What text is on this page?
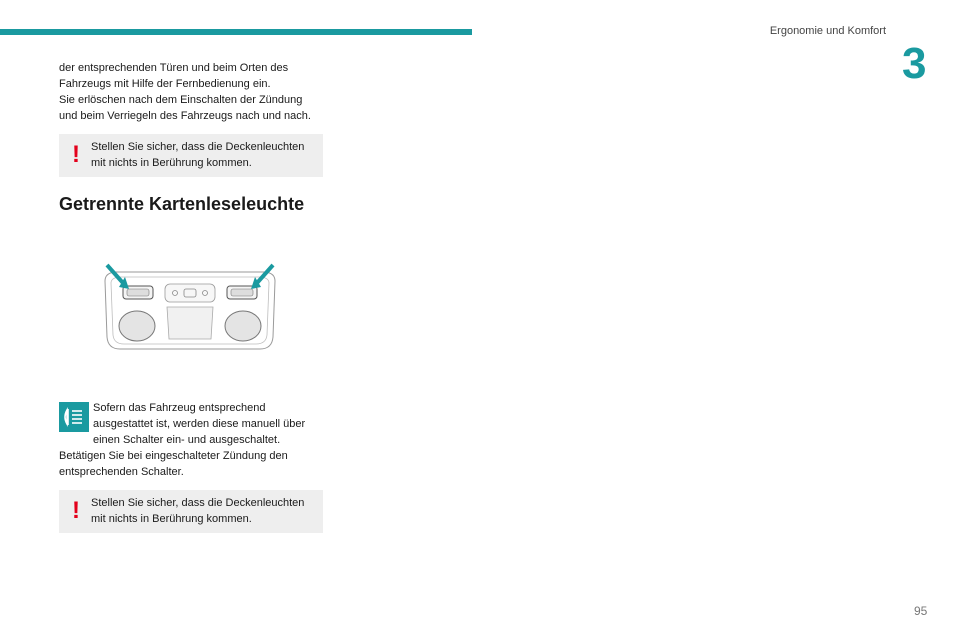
Ergonomie und Komfort
3

der entsprechenden Türen und beim Orten des Fahrzeugs mit Hilfe der Fernbedienung ein.

Sie erlöschen nach dem Einschalten der Zündung und beim Verriegeln des Fahrzeugs nach und nach.

! Stellen Sie sicher, dass die Deckenleuchten mit nichts in Berührung kommen.

Getrennte Kartenleseleuchte

Sofern das Fahrzeug entsprechend ausgestattet ist, werden diese manuell über einen Schalter ein- und ausgeschaltet.

Betätigen Sie bei eingeschalteter Zündung den entsprechenden Schalter.

! Stellen Sie sicher, dass die Deckenleuchten mit nichts in Berührung kommen.

95
